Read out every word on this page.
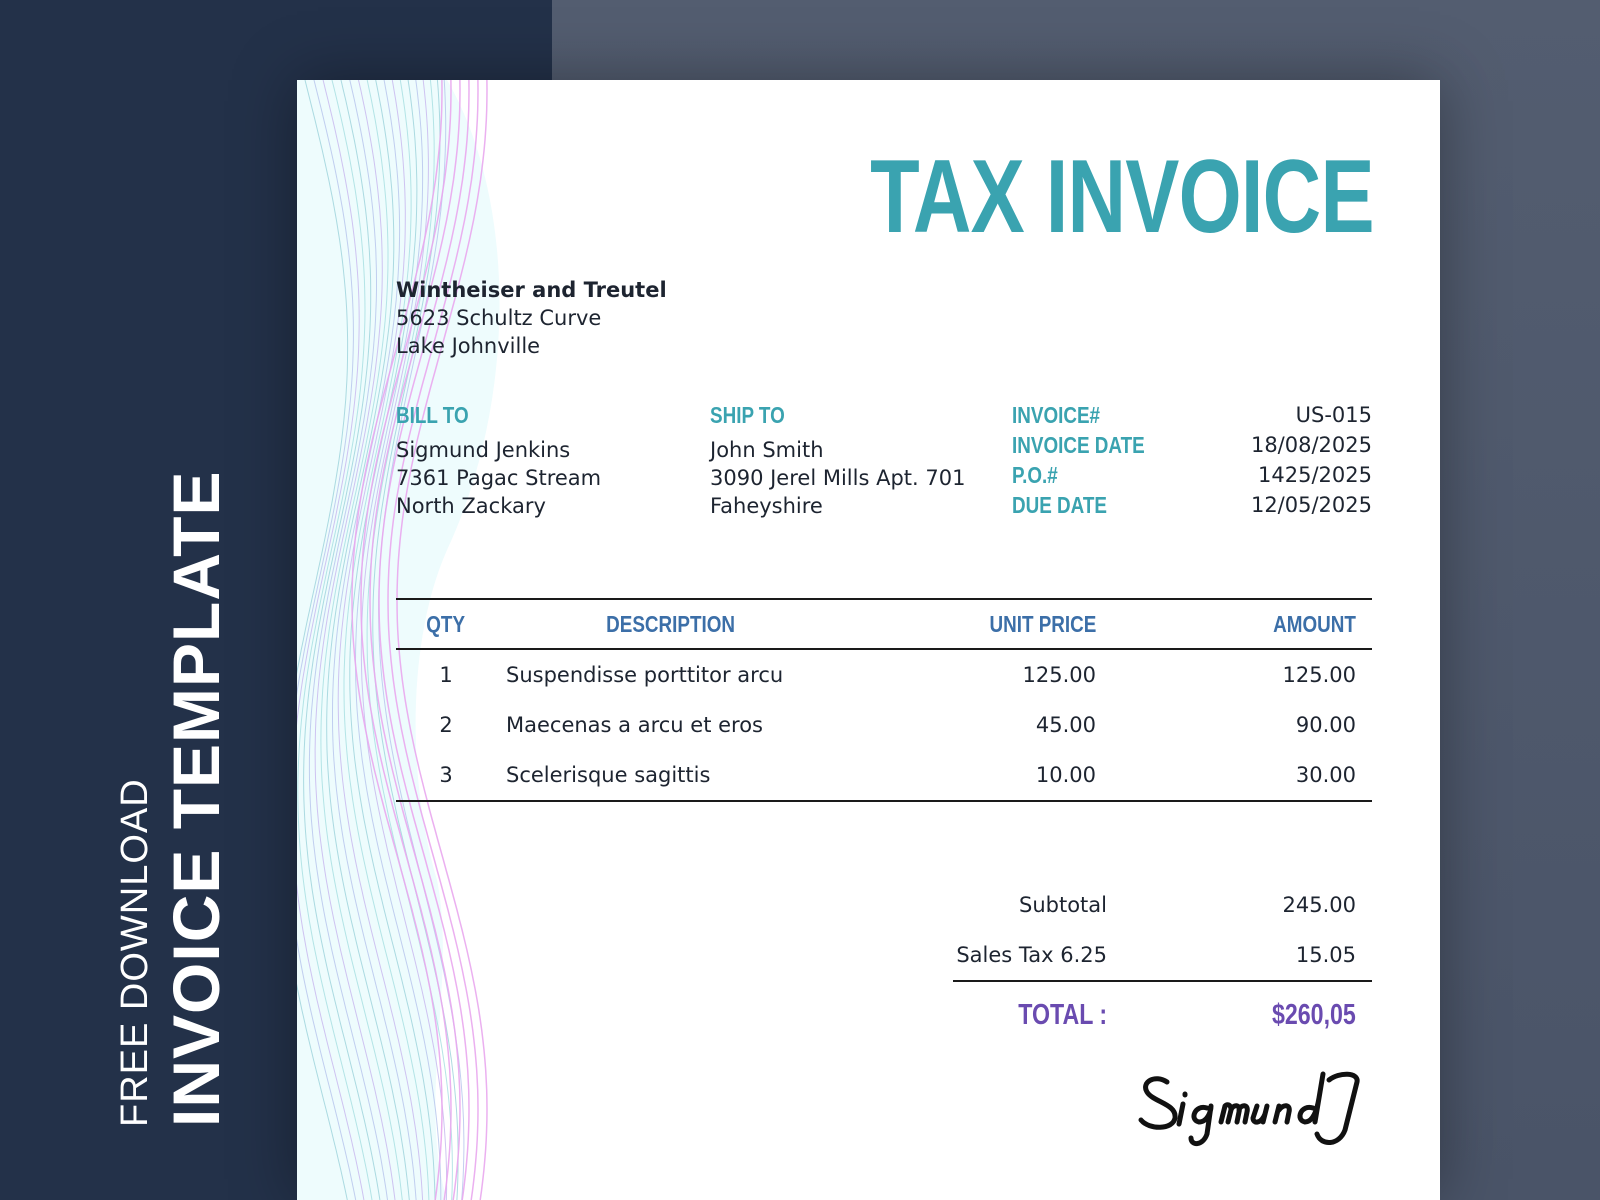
FREE DOWNLOAD INVOICE TEMPLATE
TAX INVOICE
Wintheiser and Treutel
5623 Schultz Curve
Lake Johnville
BILL TO
Sigmund Jenkins
7361 Pagac Stream
North Zackary
SHIP TO
John Smith
3090 Jerel Mills Apt. 701
Faheyshire
INVOICE#	US-015
INVOICE DATE	18/08/2025
P.O.#	1425/2025
DUE DATE	12/05/2025
QTY	DESCRIPTION	UNIT PRICE	AMOUNT
1	Suspendisse porttitor arcu	125.00	125.00
2	Maecenas a arcu et eros	45.00	90.00
3	Scelerisque sagittis	10.00	30.00
Subtotal	245.00
Sales Tax 6.25	15.05
TOTAL :	$260,05
